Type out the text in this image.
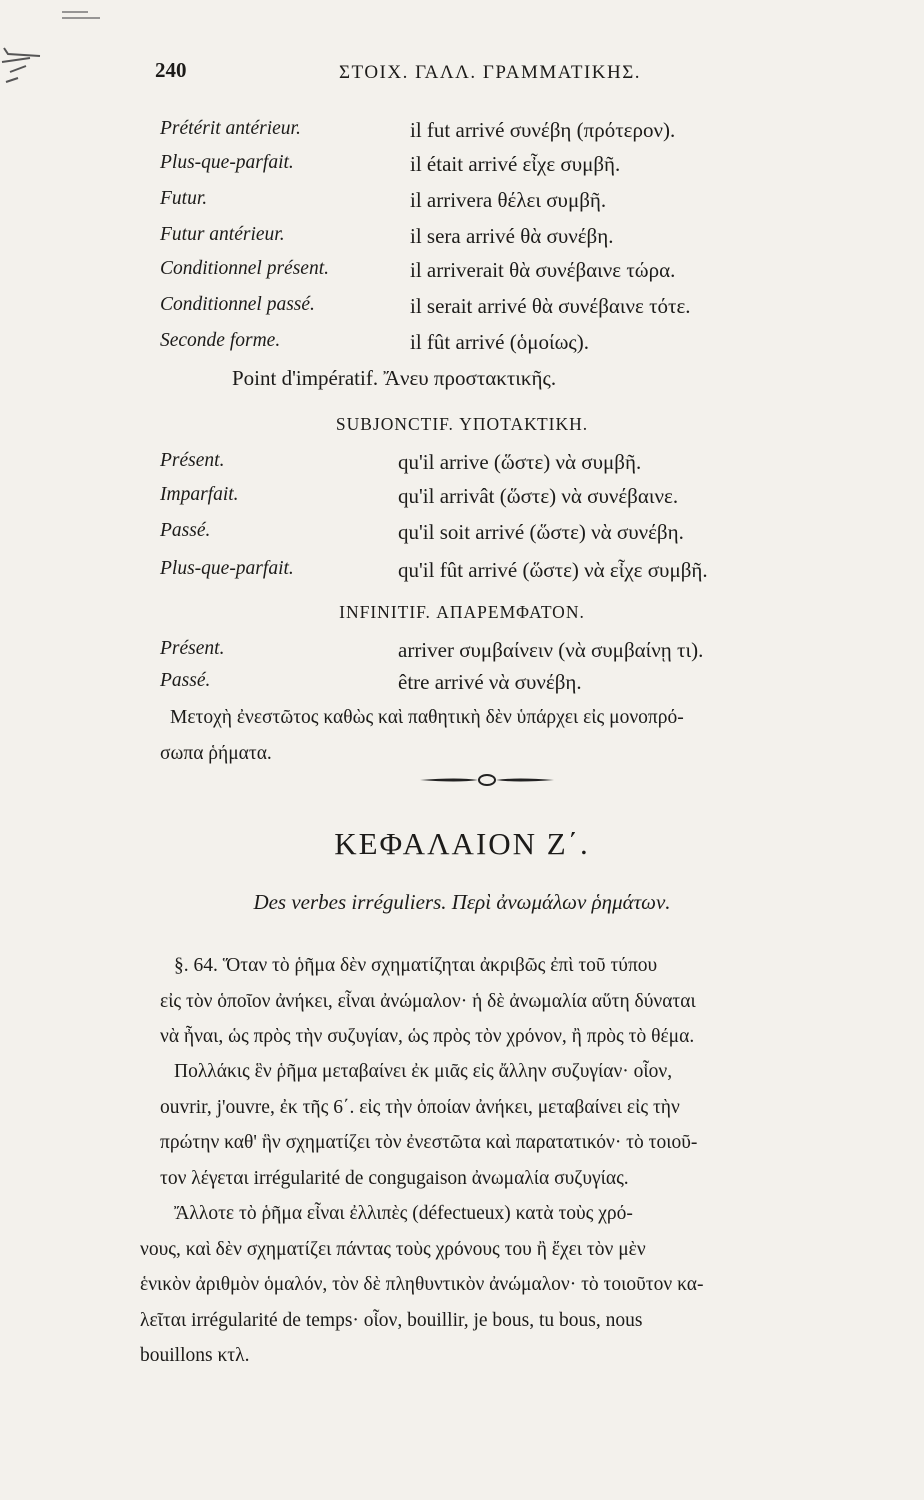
240	ΣΤΟΙΧ. ΓΑΛΛ. ΓΡΑΜΜΑΤΙΚΗΣ.
Prétérit antérieur.	il fut arrivé συνέβη (πρότερον).
Plus-que-parfait.	il était arrivé εἶχε συμβῆ.
Futur.	il arrivera θέλει συμβῆ.
Futur antérieur.	il sera arrivé θὰ συνέβη.
Conditionnel présent.	il arriverait θὰ συνέβαινε τώρα.
Conditionnel passé.	il serait arrivé θὰ συνέβαινε τότε.
Seconde forme.	il fût arrivé (ὁμοίως).
Point d'impératif. Ἄνευ προστακτικῆς.
SUBJONCTIF. ΥΠΟΤΑΚΤΙΚΗ.
Présent.	qu'il arrive (ὥστε) νὰ συμβῆ.
Imparfait.	qu'il arrivât (ὥστε) νὰ συνέβαινε.
Passé.	qu'il soit arrivé (ὥστε) νὰ συνέβη.
Plus-que-parfait.	qu'il fût arrivé (ὥστε) νὰ εἶχε συμβῆ.
INFINITIF. ΑΠΑΡΕΜΦΑΤΟΝ.
Présent.	arriver συμβαίνειν (νὰ συμβαίνῃ τι).
Passé.	être arrivé νὰ συνέβη.
Μετοχὴ ἐνεστῶτος καθὼς καὶ παθητικὴ δὲν ὑπάρχει εἰς μονοπρό-
σωπα ῥήματα.
ΚΕΦΑΛΑΙΟΝ Ζ΄.
Des verbes irréguliers. Περὶ ἀνωμάλων ῥημάτων.
§. 64. Ὅταν τὸ ῥῆμα δὲν σχηματίζηται ἀκριβῶς ἐπὶ τοῦ τύπου
εἰς τὸν ὁποῖον ἀνήκει, εἶναι ἀνώμαλον· ἡ δὲ ἀνωμαλία αὕτη δύναται
νὰ ἦναι, ὡς πρὸς τὴν συζυγίαν, ὡς πρὸς τὸν χρόνον, ἢ πρὸς τὸ θέμα.
Πολλάκις ἓν ῥῆμα μεταβαίνει ἐκ μιᾶς εἰς ἄλλην συζυγίαν· οἷον,
ouvrir, j'ouvre, ἐκ τῆς 6΄. εἰς τὴν ὁποίαν ἀνήκει, μεταβαίνει εἰς τὴν
πρώτην καθ' ἣν σχηματίζει τὸν ἐνεστῶτα καὶ παρατατικόν· τὸ τοιοῦ-
τον λέγεται irrégularité de congugaison ἀνωμαλία συζυγίας.
Ἄλλοτε τὸ ῥῆμα εἶναι ἐλλιπὲς (défectueux) κατὰ τοὺς χρό-
νους, καὶ δὲν σχηματίζει πάντας τοὺς χρόνους του ἢ ἔχει τὸν μὲν
ἑνικὸν ἀριθμὸν ὁμαλόν, τὸν δὲ πληθυντικὸν ἀνώμαλον· τὸ τοιοῦτον κα-
λεῖται irrégularité de temps· οἷον, bouillir, je bous, tu bous, nous
bouillons κτλ.
